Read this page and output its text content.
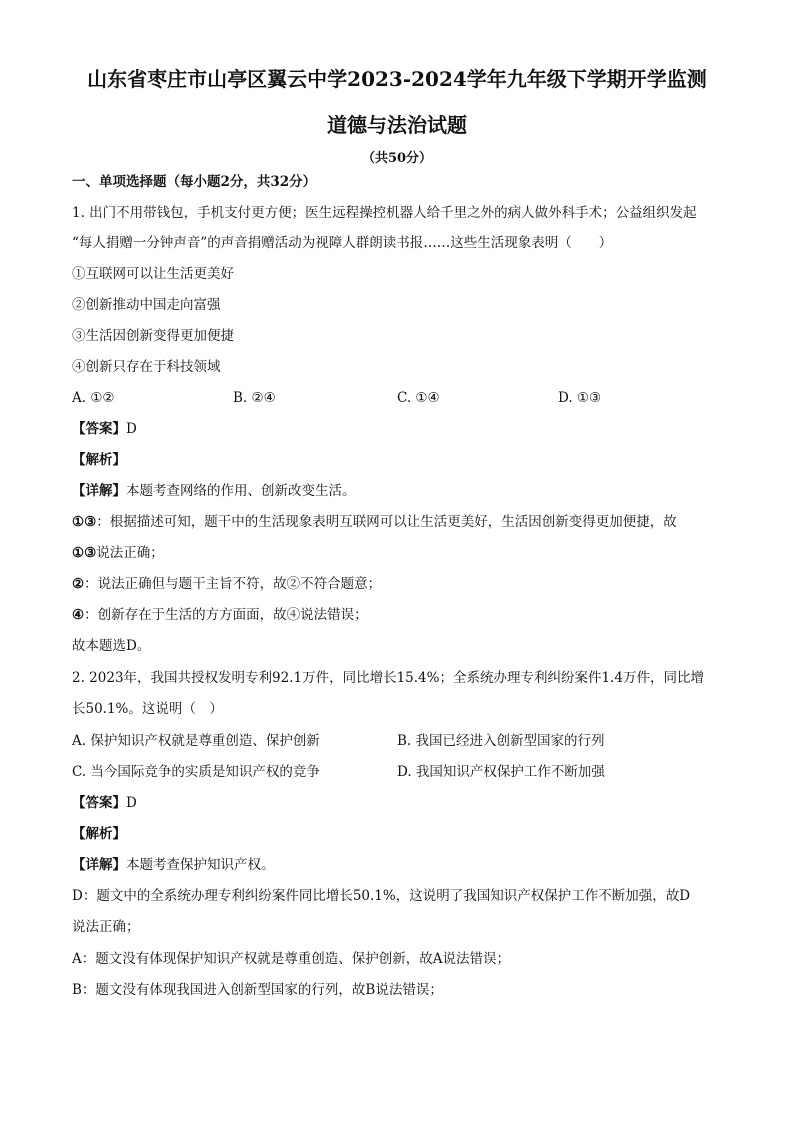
山东省枣庄市山亭区翼云中学2023-2024学年九年级下学期开学监测
道德与法治试题
（共50分）
一、单项选择题（每小题2分，共32分）
1. 出门不用带钱包，手机支付更方便；医生远程操控机器人给千里之外的病人做外科手术；公益组织发起
“每人捐赠一分钟声音”的声音捐赠活动为视障人群朗读书报……这些生活现象表明（　　）
①互联网可以让生活更美好
②创新推动中国走向富强
③生活因创新变得更加便捷
④创新只存在于科技领域
A. ①②	B. ②④	C. ①④	D. ①③
【答案】D
【解析】
【详解】本题考查网络的作用、创新改变生活。
①③：根据描述可知，题干中的生活现象表明互联网可以让生活更美好，生活因创新变得更加便捷，故
①③说法正确；
②：说法正确但与题干主旨不符，故②不符合题意；
④：创新存在于生活的方方面面，故④说法错误；
故本题选D。
2. 2023年，我国共授权发明专利92.1万件，同比增长15.4%；全系统办理专利纠纷案件1.4万件，同比增
长50.1%。这说明（　）
A. 保护知识产权就是尊重创造、保护创新	B. 我国已经进入创新型国家的行列
C. 当今国际竞争的实质是知识产权的竞争	D. 我国知识产权保护工作不断加强
【答案】D
【解析】
【详解】本题考查保护知识产权。
D：题文中的全系统办理专利纠纷案件同比增长50.1%，这说明了我国知识产权保护工作不断加强，故D
说法正确；
A：题文没有体现保护知识产权就是尊重创造、保护创新，故A说法错误；
B：题文没有体现我国进入创新型国家的行列，故B说法错误；
